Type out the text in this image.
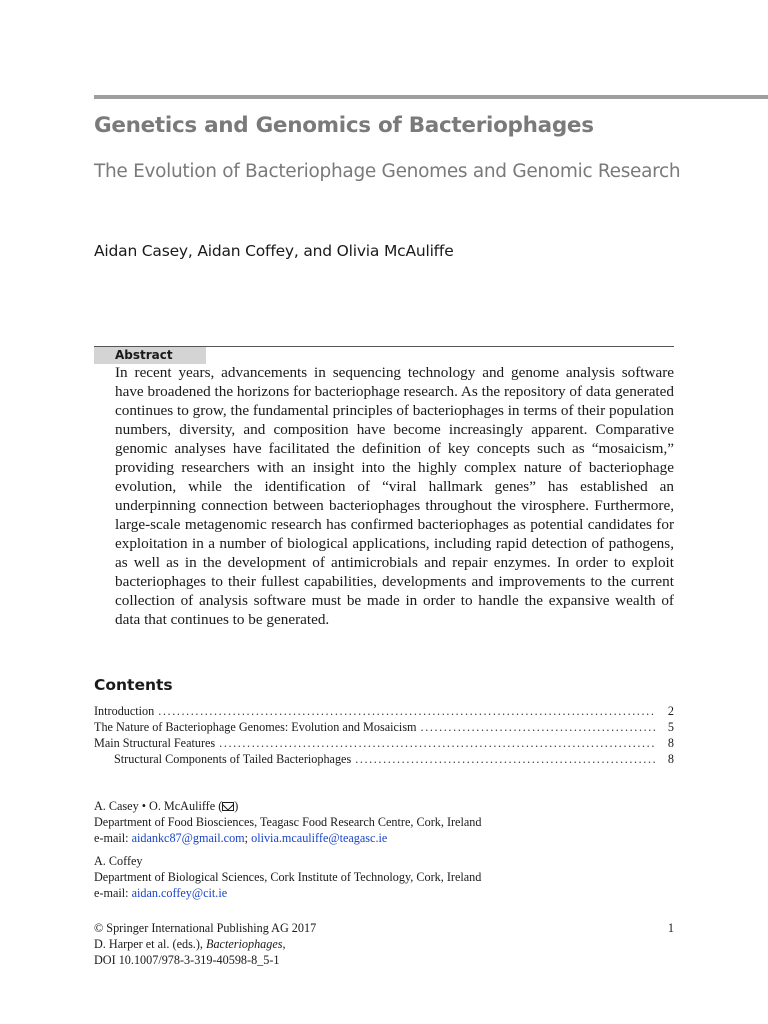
Genetics and Genomics of Bacteriophages
The Evolution of Bacteriophage Genomes and Genomic Research
Aidan Casey, Aidan Coffey, and Olivia McAuliffe
Abstract

In recent years, advancements in sequencing technology and genome analysis software have broadened the horizons for bacteriophage research. As the repository of data generated continues to grow, the fundamental principles of bacteriophages in terms of their population numbers, diversity, and composition have become increasingly apparent. Comparative genomic analyses have facilitated the definition of key concepts such as “mosaicism,” providing researchers with an insight into the highly complex nature of bacteriophage evolution, while the identification of “viral hallmark genes” has established an underpinning connection between bacteriophages throughout the virosphere. Furthermore, large-scale metagenomic research has confirmed bacteriophages as potential candidates for exploitation in a number of biological applications, including rapid detection of pathogens, as well as in the development of antimicrobials and repair enzymes. In order to exploit bacteriophages to their fullest capabilities, developments and improvements to the current collection of analysis software must be made in order to handle the expansive wealth of data that continues to be generated.

Contents
Introduction .....	2
The Nature of Bacteriophage Genomes: Evolution and Mosaicism .....	5
Main Structural Features .....	8
Structural Components of Tailed Bacteriophages .....	8
A. Casey • O. McAuliffe ( )
Department of Food Biosciences, Teagasc Food Research Centre, Cork, Ireland
e-mail: aidankc87@gmail.com; olivia.mcauliffe@teagasc.ie
A. Coffey
Department of Biological Sciences, Cork Institute of Technology, Cork, Ireland
e-mail: aidan.coffey@cit.ie
© Springer International Publishing AG 2017
D. Harper et al. (eds.), Bacteriophages,
DOI 10.1007/978-3-319-40598-8_5-1
1
